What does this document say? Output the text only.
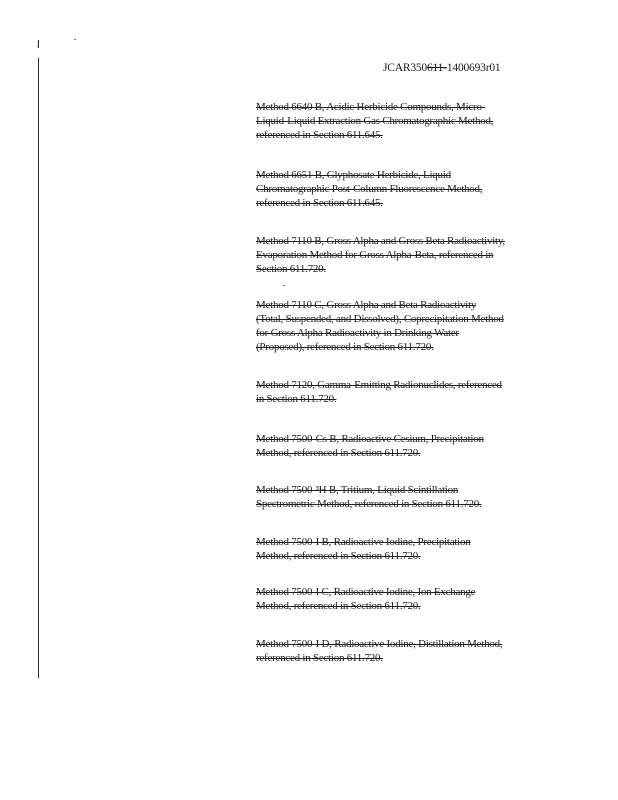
JCAR350611-1400693r01
Method 6640 B, Acidic Herbicide Compounds, Micro-
Liquid-Liquid Extraction Gas Chromatographic Method,
referenced in Section 611.645.
Method 6651 B, Glyphosate Herbicide, Liquid
Chromatographic Post-Column Fluorescence Method,
referenced in Section 611.645.
Method 7110 B, Gross Alpha and Gross Beta Radioactivity,
Evaporation Method for Gross Alpha-Beta, referenced in
Section 611.720.
Method 7110 C, Gross Alpha and Beta Radioactivity
(Total, Suspended, and Dissolved), Coprecipitation Method
for Gross Alpha Radioactivity in Drinking Water
(Proposed), referenced in Section 611.720.
Method 7120, Gamma-Emitting Radionuclides, referenced
in Section 611.720.
Method 7500-Cs B, Radioactive Cesium, Precipitation
Method, referenced in Section 611.720.
Method 7500-³H B, Tritium, Liquid Scintillation
Spectrometric Method, referenced in Section 611.720.
Method 7500-I B, Radioactive Iodine, Precipitation
Method, referenced in Section 611.720.
Method 7500-I C, Radioactive Iodine, Ion Exchange
Method, referenced in Section 611.720.
Method 7500-I D, Radioactive Iodine, Distillation Method,
referenced in Section 611.720.
